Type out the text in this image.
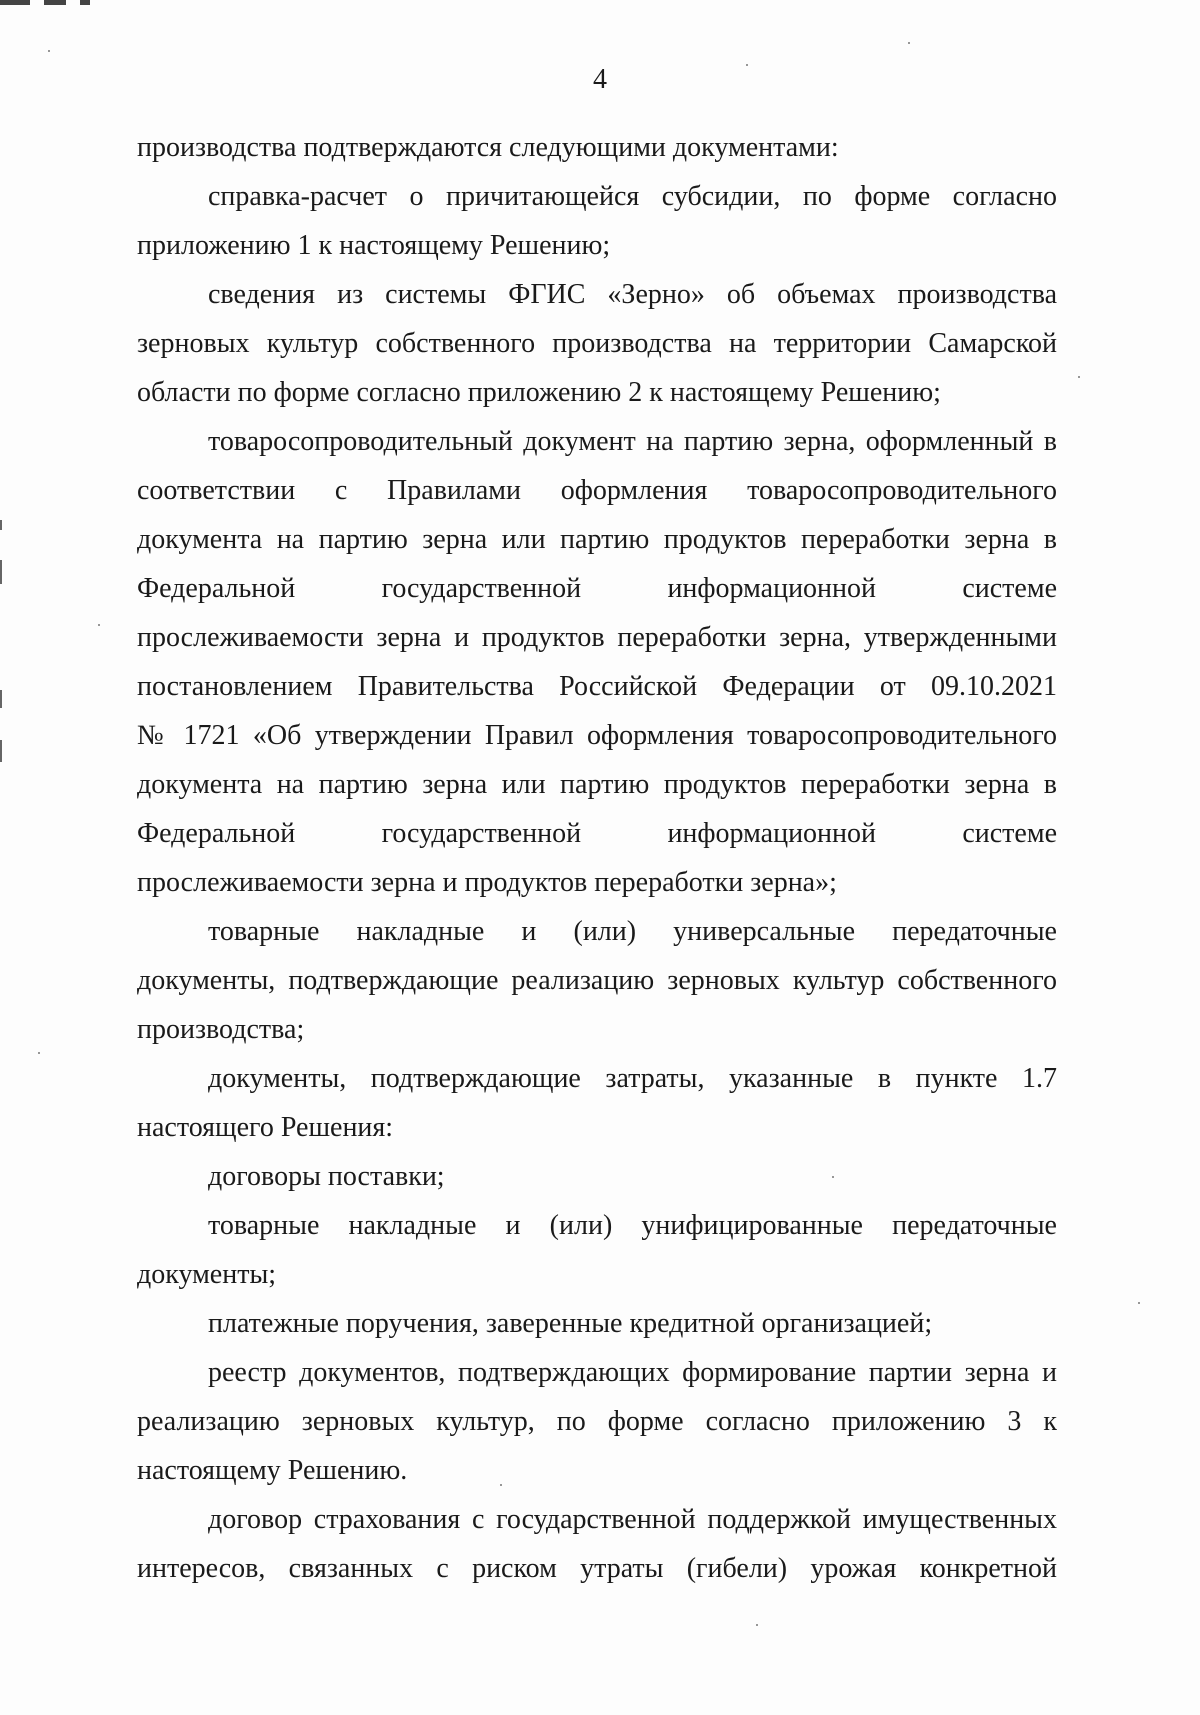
4
производства подтверждаются следующими документами:
справка-расчет о причитающейся субсидии, по форме согласно
приложению 1 к настоящему Решению;
сведения из системы ФГИС «Зерно» об объемах производства
зерновых культур собственного производства на территории Самарской
области по форме согласно приложению 2 к настоящему Решению;
товаросопроводительный документ на партию зерна, оформленный в
соответствии с Правилами оформления товаросопроводительного
документа на партию зерна или партию продуктов переработки зерна в
Федеральной государственной информационной системе
прослеживаемости зерна и продуктов переработки зерна, утвержденными
постановлением Правительства Российской Федерации от 09.10.2021
№ 1721 «Об утверждении Правил оформления товаросопроводительного
документа на партию зерна или партию продуктов переработки зерна в
Федеральной государственной информационной системе
прослеживаемости зерна и продуктов переработки зерна»;
товарные накладные и (или) универсальные передаточные
документы, подтверждающие реализацию зерновых культур собственного
производства;
документы, подтверждающие затраты, указанные в пункте 1.7
настоящего Решения:
договоры поставки;
товарные накладные и (или) унифицированные передаточные
документы;
платежные поручения, заверенные кредитной организацией;
реестр документов, подтверждающих формирование партии зерна и
реализацию зерновых культур, по форме согласно приложению 3 к
настоящему Решению.
договор страхования с государственной поддержкой имущественных
интересов, связанных с риском утраты (гибели) урожая конкретной
